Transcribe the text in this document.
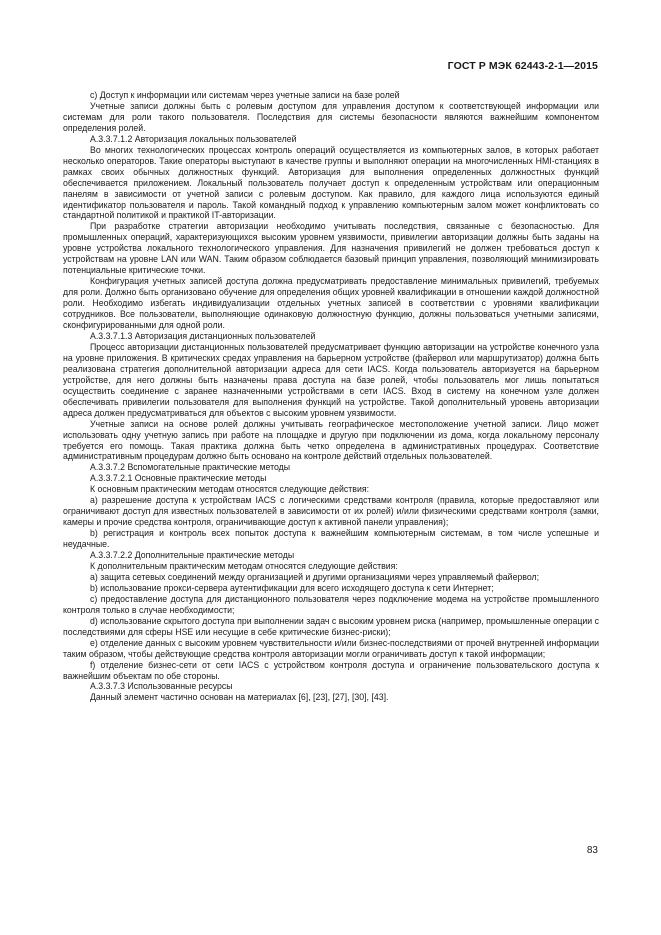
ГОСТ Р МЭК 62443-2-1—2015

c) Доступ к информации или системам через учетные записи на базе ролей

Учетные записи должны быть с ролевым доступом для управления доступом к соответствующей информации или системам для роли такого пользователя. Последствия для системы безопасности являются важнейшим компонентом определения ролей.

А.3.3.7.1.2 Авторизация локальных пользователей

Во многих технологических процессах контроль операций осуществляется из компьютерных залов, в которых работает несколько операторов. Такие операторы выступают в качестве группы и выполняют операции на многочисленных HMI-станциях в рамках своих обычных должностных функций. Авторизация для выполнения определенных должностных функций обеспечивается приложением. Локальный пользователь получает доступ к определенным устройствам или операционным панелям в зависимости от учетной записи с ролевым доступом. Как правило, для каждого лица используются единый идентификатор пользователя и пароль. Такой командный подход к управлению компьютерным залом может конфликтовать со стандартной политикой и практикой IT-авторизации.

При разработке стратегии авторизации необходимо учитывать последствия, связанные с безопасностью. Для промышленных операций, характеризующихся высоким уровнем уязвимости, привилегии авторизации должны быть заданы на уровне устройства локального технологического управления. Для назначения привилегий не должен требоваться доступ к устройствам на уровне LAN или WAN. Таким образом соблюдается базовый принцип управления, позволяющий минимизировать потенциальные критические точки.

Конфигурация учетных записей доступа должна предусматривать предоставление минимальных привилегий, требуемых для роли. Должно быть организовано обучение для определения общих уровней квалификации в отношении каждой должностной роли. Необходимо избегать индивидуализации отдельных учетных записей в соответствии с уровнями квалификации сотрудников. Все пользователи, выполняющие одинаковую должностную функцию, должны пользоваться учетными записями, сконфигурированными для одной роли.

А.3.3.7.1.3 Авторизация дистанционных пользователей

Процесс авторизации дистанционных пользователей предусматривает функцию авторизации на устройстве конечного узла на уровне приложения. В критических средах управления на барьерном устройстве (файервол или маршрутизатор) должна быть реализована стратегия дополнительной авторизации адреса для сети IACS. Когда пользователь авторизуется на барьерном устройстве, для него должны быть назначены права доступа на базе ролей, чтобы пользователь мог лишь попытаться осуществить соединение с заранее назначенными устройствами в сети IACS. Вход в систему на конечном узле должен обеспечивать привилегии пользователя для выполнения функций на устройстве. Такой дополнительный уровень авторизации адреса должен предусматриваться для объектов с высоким уровнем уязвимости.

Учетные записи на основе ролей должны учитывать географическое местоположение учетной записи. Лицо может использовать одну учетную запись при работе на площадке и другую при подключении из дома, когда локальному персоналу требуется его помощь. Такая практика должна быть четко определена в административных процедурах. Соответствие административным процедурам должно быть основано на контроле действий отдельных пользователей.

А.3.3.7.2 Вспомогательные практические методы

А.3.3.7.2.1 Основные практические методы

К основным практическим методам относятся следующие действия:

а) разрешение доступа к устройствам IACS с логическими средствами контроля (правила, которые предоставляют или ограничивают доступ для известных пользователей в зависимости от их ролей) и/или физическими средствами контроля (замки, камеры и прочие средства контроля, ограничивающие доступ к активной панели управления);

b) регистрация и контроль всех попыток доступа к важнейшим компьютерным системам, в том числе успешные и неудачные.

А.3.3.7.2.2 Дополнительные практические методы

К дополнительным практическим методам относятся следующие действия:

а) защита сетевых соединений между организацией и другими организациями через управляемый файервол;

b) использование прокси-сервера аутентификации для всего исходящего доступа к сети Интернет;

c) предоставление доступа для дистанционного пользователя через подключение модема на устройстве промышленного контроля только в случае необходимости;

d) использование скрытого доступа при выполнении задач с высоким уровнем риска (например, промышленные операции с последствиями для сферы HSE или несущие в себе критические бизнес-риски);

е) отделение данных с высоким уровнем чувствительности и/или бизнес-последствиями от прочей внутренней информации таким образом, чтобы действующие средства контроля авторизации могли ограничивать доступ к такой информации;

f) отделение бизнес-сети от сети IACS с устройством контроля доступа и ограничение пользовательского доступа к важнейшим объектам по обе стороны.

А.3.3.7.3 Использованные ресурсы

Данный элемент частично основан на материалах [6], [23], [27], [30], [43].

83
